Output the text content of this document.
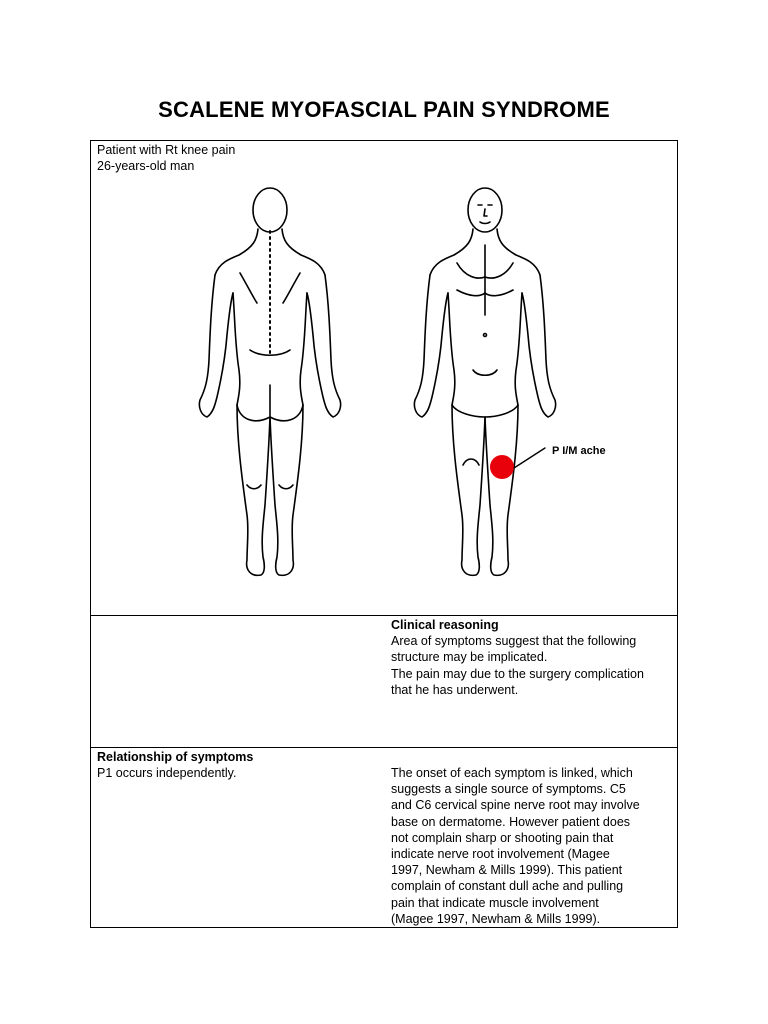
SCALENE MYOFASCIAL PAIN SYNDROME
Patient with Rt knee pain
26-years-old man
Clinical reasoning
Area of symptoms suggest that the following
structure may be implicated.
The pain may due to the surgery complication
that he has underwent.
Relationship of symptoms
P1 occurs independently.	The onset of each symptom is linked, which
suggests a single source of symptoms. C5
and C6 cervical spine nerve root may involve
base on dermatome. However patient does
not complain sharp or shooting pain that
indicate nerve root involvement (Magee
1997, Newham & Mills 1999). This patient
complain of constant dull ache and pulling
pain that indicate muscle involvement
(Magee 1997, Newham & Mills 1999).
P I/M ache
